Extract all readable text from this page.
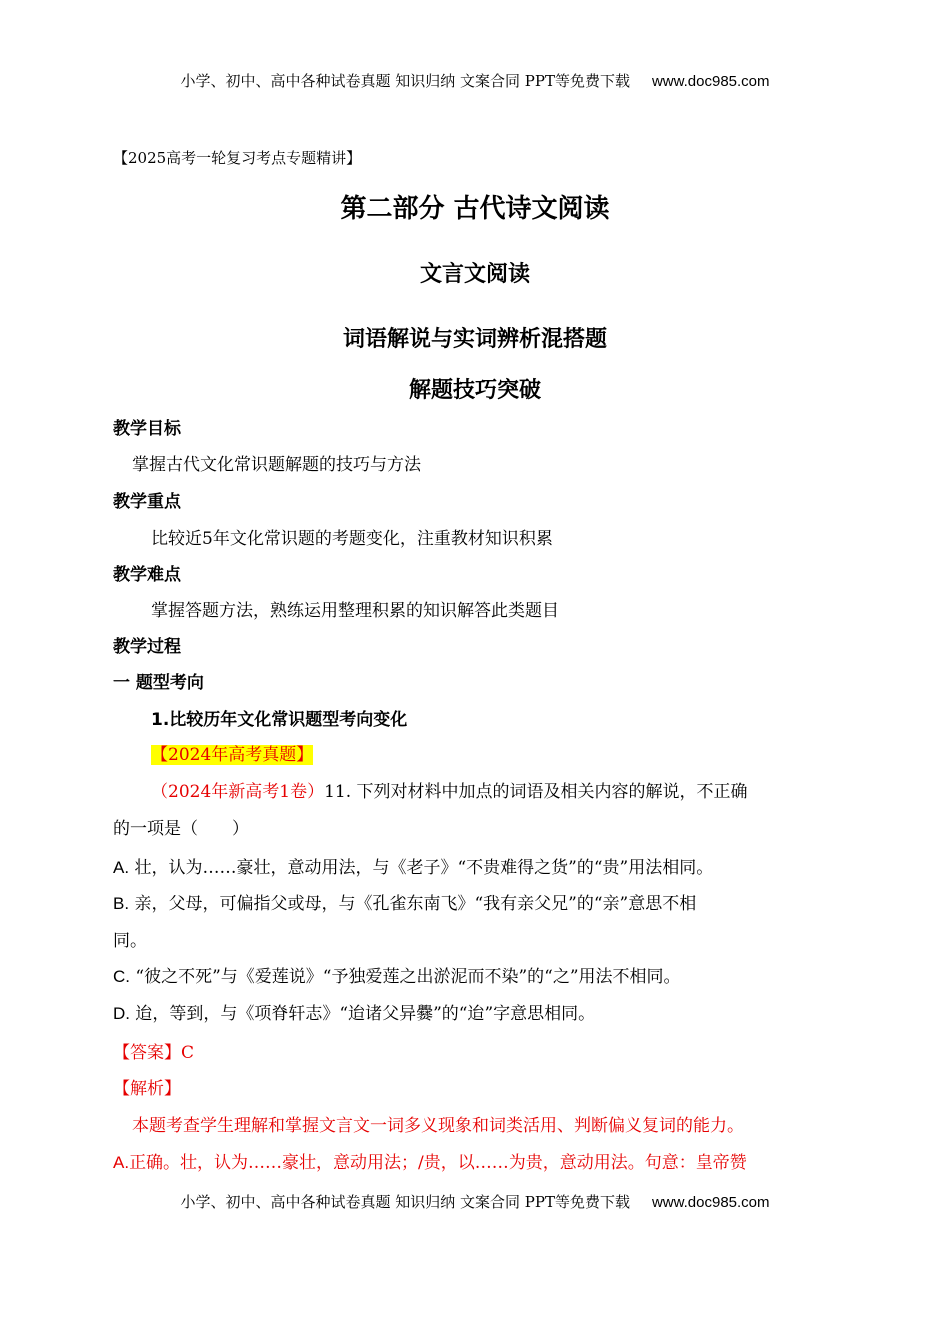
小学、初中、高中各种试卷真题 知识归纳 文案合同 PPT等免费下载 www.doc985.com
【2025高考一轮复习考点专题精讲】
第二部分 古代诗文阅读
文言文阅读
词语解说与实词辨析混搭题
解题技巧突破
教学目标
掌握古代文化常识题解题的技巧与方法
教学重点
比较近5年文化常识题的考题变化，注重教材知识积累
教学难点
掌握答题方法，熟练运用整理积累的知识解答此类题目
教学过程
一 题型考向
1.比较历年文化常识题型考向变化
【2024年高考真题】
（2024年新高考1卷）11. 下列对材料中加点的词语及相关内容的解说，不正确
的一项是（　　）
A. 壮，认为……豪壮，意动用法，与《老子》“不贵难得之货”的“贵”用法相同。
B. 亲，父母，可偏指父或母，与《孔雀东南飞》“我有亲父兄”的“亲”意思不相
同。
C. “彼之不死”与《爱莲说》“予独爱莲之出淤泥而不染”的“之”用法不相同。
D. 迨，等到，与《项脊轩志》“迨诸父异爨”的“迨”字意思相同。
【答案】C
【解析】
本题考查学生理解和掌握文言文一词多义现象和词类活用、判断偏义复词的能力。
A.正确。壮，认为……豪壮，意动用法；/贵，以……为贵，意动用法。句意：皇帝赞
小学、初中、高中各种试卷真题 知识归纳 文案合同 PPT等免费下载 www.doc985.com
